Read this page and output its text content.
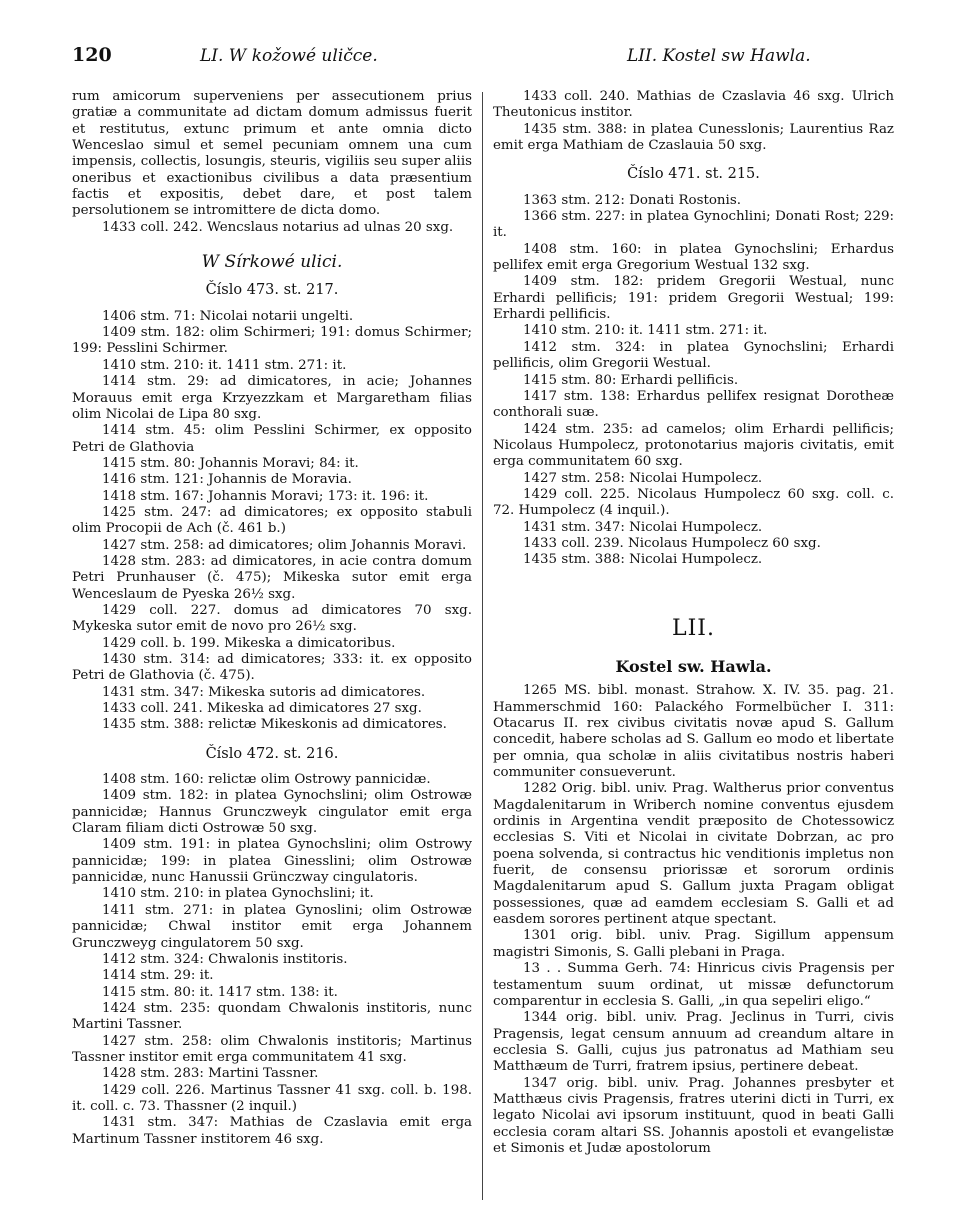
120	LI. W kožowé uličce.	LII. Kostel sw Hawla.

rum amicorum superveniens per assecutionem prius gratiæ a communitate ad dictam domum admissus fuerit et restitutus, extunc primum et ante omnia dicto Wenceslao simul et semel pecuniam omnem una cum impensis, collectis, losungis, steuris, vigiliis seu super aliis oneribus et exactionibus civilibus a data præsentium factis et expositis, debet dare, et post talem persolutionem se intromittere de dicta domo.

1433 coll. 242. Wencslaus notarius ad ulnas 20 sxg.

W Sírkowé ulici.
Číslo 473. st. 217.

1406 stm. 71: Nicolai notarii ungelti.

1409 stm. 182: olim Schirmeri; 191: domus Schirmer; 199: Pesslini Schirmer.

1410 stm. 210: it. 1411 stm. 271: it.

1414 stm. 29: ad dimicatores, in acie; Johannes Morauus emit erga Krzyezzkam et Margaretham filias olim Nicolai de Lipa 80 sxg.

1414 stm. 45: olim Pesslini Schirmer, ex opposito Petri de Glathovia

1415 stm. 80: Johannis Moravi; 84: it.

1416 stm. 121: Johannis de Moravia.

1418 stm. 167: Johannis Moravi; 173: it. 196: it.

1425 stm. 247: ad dimicatores; ex opposito stabuli olim Procopii de Ach (č. 461 b.)

1427 stm. 258: ad dimicatores; olim Johannis Moravi.

1428 stm. 283: ad dimicatores, in acie contra domum Petri Prunhauser (č. 475); Mikeska sutor emit erga Wenceslaum de Pyeska 26½ sxg.

1429 coll. 227. domus ad dimicatores 70 sxg. Mykeska sutor emit de novo pro 26½ sxg.

1429 coll. b. 199. Mikeska a dimicatoribus.

1430 stm. 314: ad dimicatores; 333: it. ex opposito Petri de Glathovia (č. 475).

1431 stm. 347: Mikeska sutoris ad dimicatores.

1433 coll. 241. Mikeska ad dimicatores 27 sxg.

1435 stm. 388: relictæ Mikeskonis ad dimicatores.

Číslo 472. st. 216.

1408 stm. 160: relictæ olim Ostrowy pannicidæ.

1409 stm. 182: in platea Gynochslini; olim Ostrowæ pannicidæ; Hannus Grunczweyk cingulator emit erga Claram filiam dicti Ostrowæ 50 sxg.

1409 stm. 191: in platea Gynochslini; olim Ostrowy pannicidæ; 199: in platea Ginesslini; olim Ostrowæ pannicidæ, nunc Hanussii Grünczway cingulatoris.

1410 stm. 210: in platea Gynochslini; it.

1411 stm. 271: in platea Gynoslini; olim Ostrowæ pannicidæ; Chwal institor emit erga Johannem Grunczweyg cingulatorem 50 sxg.

1412 stm. 324: Chwalonis institoris.

1414 stm. 29: it.

1415 stm. 80: it. 1417 stm. 138: it.

1424 stm. 235: quondam Chwalonis institoris, nunc Martini Tassner.

1427 stm. 258: olim Chwalonis institoris; Martinus Tassner institor emit erga communitatem 41 sxg.

1428 stm. 283: Martini Tassner.

1429 coll. 226. Martinus Tassner 41 sxg. coll. b. 198. it. coll. c. 73. Thassner (2 inquil.)

1431 stm. 347: Mathias de Czaslavia emit erga Martinum Tassner institorem 46 sxg.

1433 coll. 240. Mathias de Czaslavia 46 sxg. Ulrich Theutonicus institor.

1435 stm. 388: in platea Cunesslonis; Laurentius Raz emit erga Mathiam de Czaslauia 50 sxg.

Číslo 471. st. 215.

1363 stm. 212: Donati Rostonis.

1366 stm. 227: in platea Gynochlini; Donati Rost; 229: it.

1408 stm. 160: in platea Gynochslini; Erhardus pellifex emit erga Gregorium Westual 132 sxg.

1409 stm. 182: pridem Gregorii Westual, nunc Erhardi pellificis; 191: pridem Gregorii Westual; 199: Erhardi pellificis.

1410 stm. 210: it. 1411 stm. 271: it.

1412 stm. 324: in platea Gynochslini; Erhardi pellificis, olim Gregorii Westual.

1415 stm. 80: Erhardi pellificis.

1417 stm. 138: Erhardus pellifex resignat Dorotheæ conthorali suæ.

1424 stm. 235: ad camelos; olim Erhardi pellificis; Nicolaus Humpolecz, protonotarius majoris civitatis, emit erga communitatem 60 sxg.

1427 stm. 258: Nicolai Humpolecz.

1429 coll. 225. Nicolaus Humpolecz 60 sxg. coll. c. 72. Humpolecz (4 inquil.).

1431 stm. 347: Nicolai Humpolecz.

1433 coll. 239. Nicolaus Humpolecz 60 sxg.

1435 stm. 388: Nicolai Humpolecz.

LII.
Kostel sw. Hawla.

1265 MS. bibl. monast. Strahow. X. IV. 35. pag. 21. Hammerschmid 160: Palackého Formelbücher I. 311: Otacarus II. rex civibus civitatis novæ apud S. Gallum concedit, habere scholas ad S. Gallum eo modo et libertate per omnia, qua scholæ in aliis civitatibus nostris haberi communiter consueverunt.

1282 Orig. bibl. univ. Prag. Waltherus prior conventus Magdalenitarum in Wriberch nomine conventus ejusdem ordinis in Argentina vendit præposito de Chotessowicz ecclesias S. Viti et Nicolai in civitate Dobrzan, ac pro poena solvenda, si contractus hic venditionis impletus non fuerit, de consensu priorissæ et sororum ordinis Magdalenitarum apud S. Gallum juxta Pragam obligat possessiones, quæ ad eamdem ecclesiam S. Galli et ad easdem sorores pertinent atque spectant.

1301 orig. bibl. univ. Prag. Sigillum appensum magistri Simonis, S. Galli plebani in Praga.

13 . . Summa Gerh. 74: Hinricus civis Pragensis per testamentum suum ordinat, ut missæ defunctorum comparentur in ecclesia S. Galli, „in qua sepeliri eligo.“

1344 orig. bibl. univ. Prag. Jeclinus in Turri, civis Pragensis, legat censum annuum ad creandum altare in ecclesia S. Galli, cujus jus patronatus ad Mathiam seu Matthæum de Turri, fratrem ipsius, pertinere debeat.

1347 orig. bibl. univ. Prag. Johannes presbyter et Matthæus civis Pragensis, fratres uterini dicti in Turri, ex legato Nicolai avi ipsorum instituunt, quod in beati Galli ecclesia coram altari SS. Johannis apostoli et evangelistæ et Simonis et Judæ apostolorum
